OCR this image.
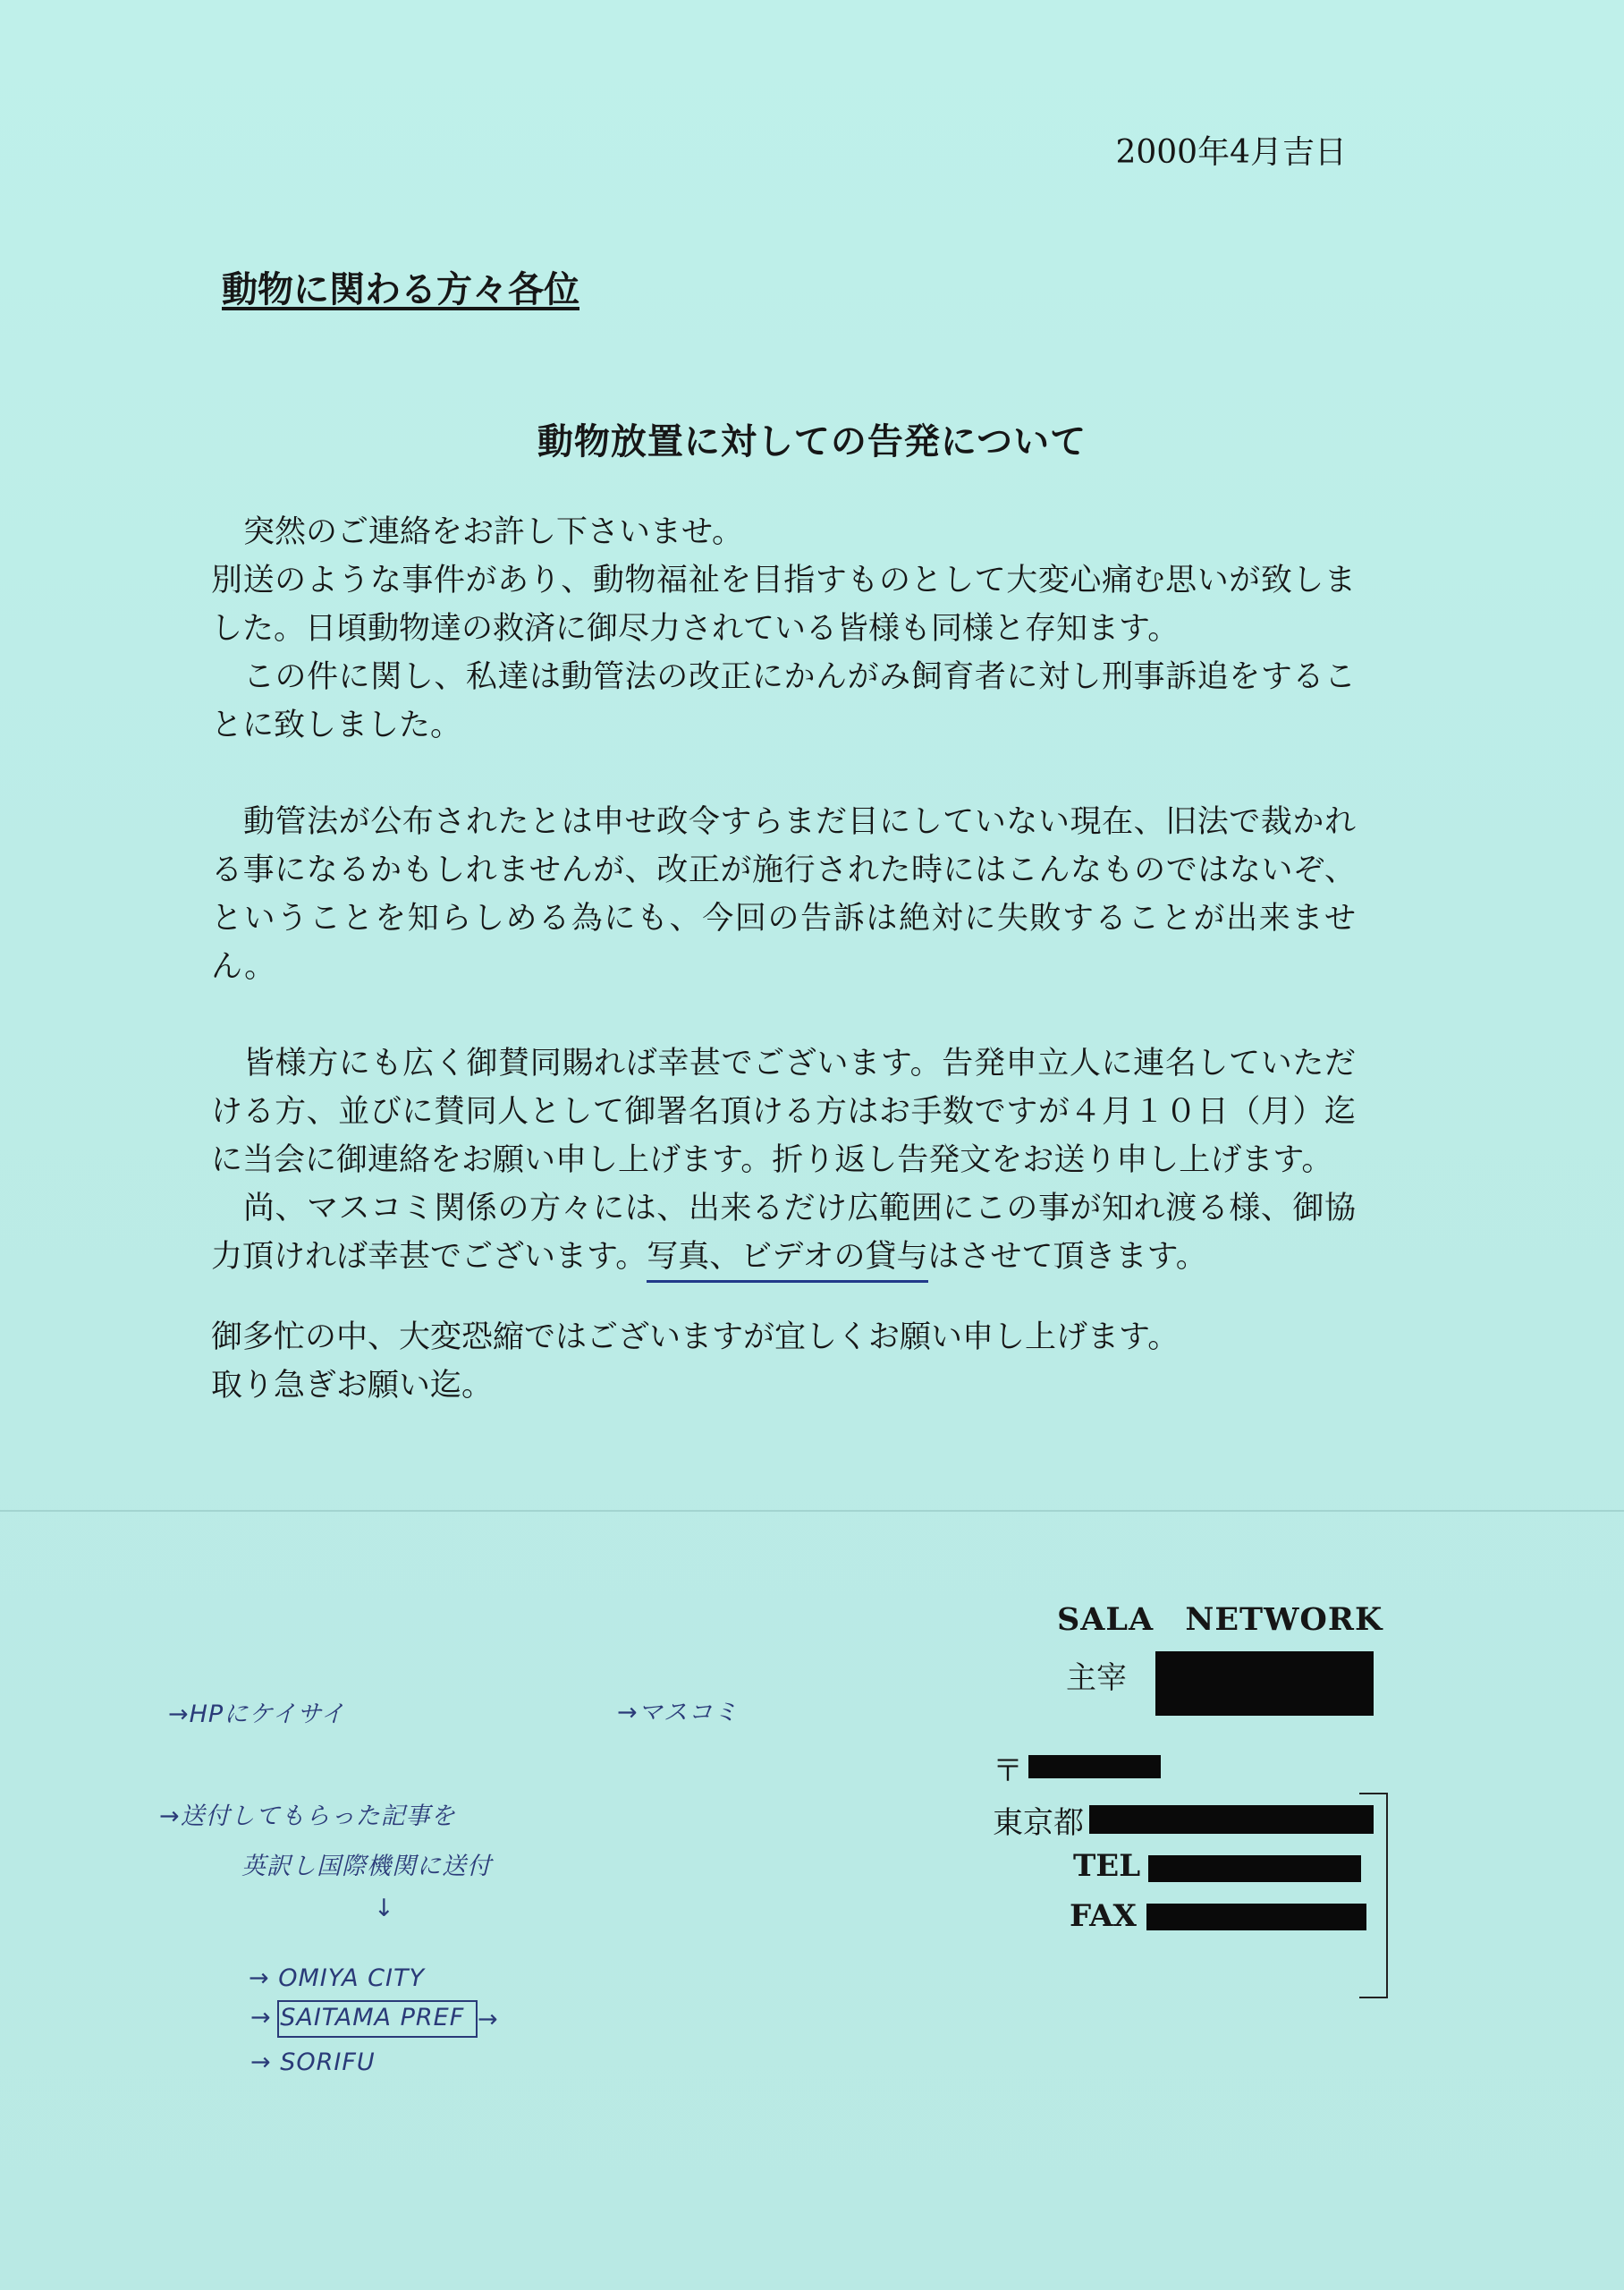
2000年4月吉日
動物に関わる方々各位
動物放置に対しての告発について

突然のご連絡をお許し下さいませ。

別送のような事件があり、動物福祉を目指すものとして大変心痛む思いが致しました。日頃動物達の救済に御尽力されている皆様も同様と存知ます。

この件に関し、私達は動管法の改正にかんがみ飼育者に対し刑事訴追をすることに致しました。

動管法が公布されたとは申せ政令すらまだ目にしていない現在、旧法で裁かれる事になるかもしれませんが、改正が施行された時にはこんなものではないぞ、ということを知らしめる為にも、今回の告訴は絶対に失敗することが出来ません。

皆様方にも広く御賛同賜れば幸甚でございます。告発申立人に連名していただける方、並びに賛同人として御署名頂ける方はお手数ですが４月１０日（月）迄に当会に御連絡をお願い申し上げます。折り返し告発文をお送り申し上げます。

尚、マスコミ関係の方々には、出来るだけ広範囲にこの事が知れ渡る様、御協力頂ければ幸甚でございます。写真、ビデオの貸与はさせて頂きます。

御多忙の中、大変恐縮ではございますが宜しくお願い申し上げます。

取り急ぎお願い迄。

SALA NETWORK
主宰
〒
東京都
TEL
FAX
→HPにケイサイ	→マスコミ
→送付してもらった記事を
英訳し国際機関に送付
↓
→ OMIYA CITY
→ SAITAMA PREF →
→ SORIFU
